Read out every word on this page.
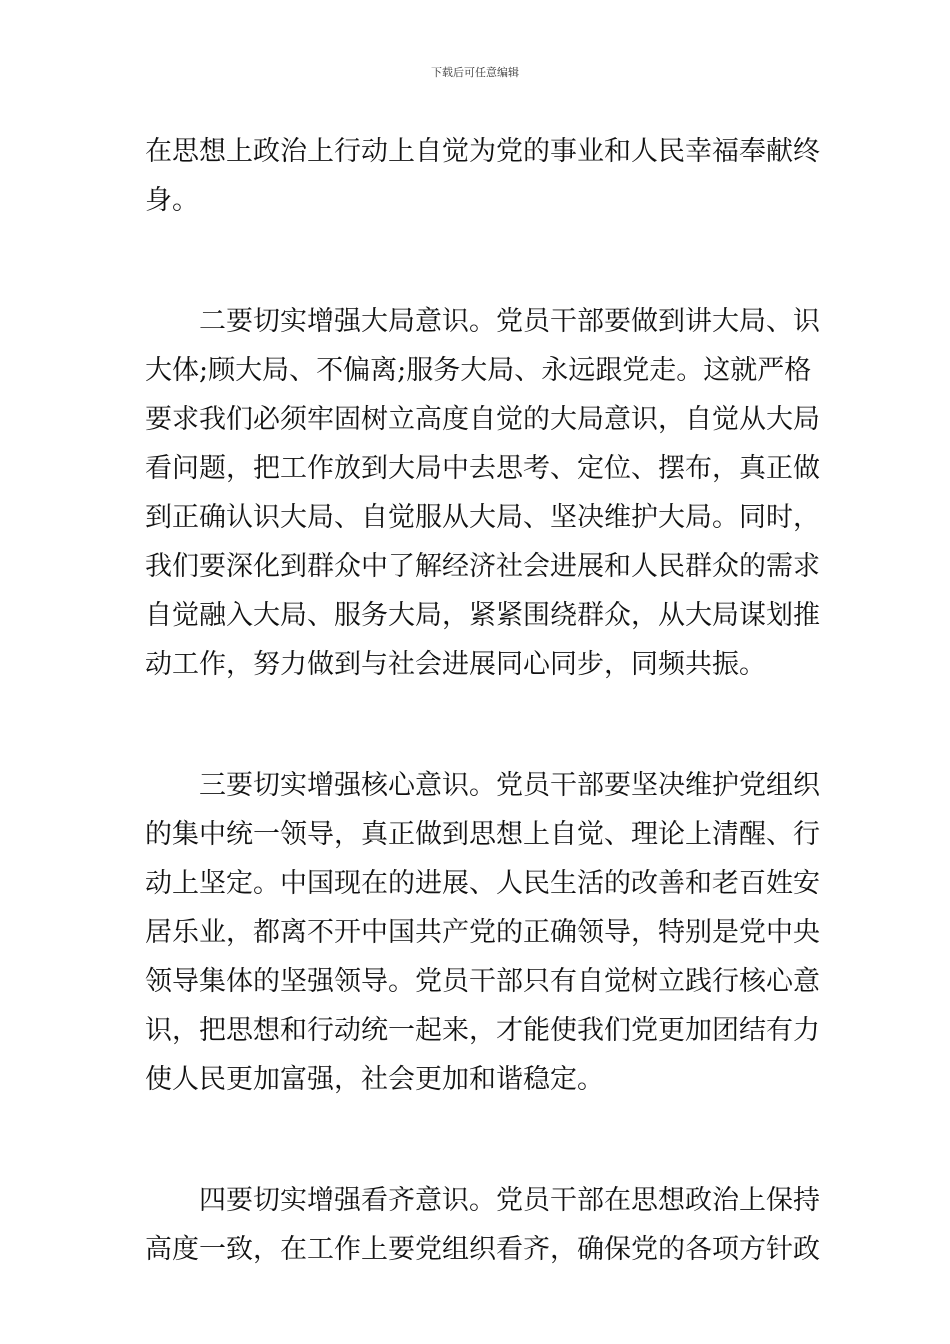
下载后可任意编辑
在思想上政治上行动上自觉为党的事业和人民幸福奉献终
身。
二要切实增强大局意识。党员干部要做到讲大局、识
大体;顾大局、不偏离;服务大局、永远跟党走。这就严格
要求我们必须牢固树立高度自觉的大局意识，自觉从大局
看问题，把工作放到大局中去思考、定位、摆布，真正做
到正确认识大局、自觉服从大局、坚决维护大局。同时，
我们要深化到群众中了解经济社会进展和人民群众的需求
自觉融入大局、服务大局，紧紧围绕群众，从大局谋划推
动工作，努力做到与社会进展同心同步，同频共振。
三要切实增强核心意识。党员干部要坚决维护党组织
的集中统一领导，真正做到思想上自觉、理论上清醒、行
动上坚定。中国现在的进展、人民生活的改善和老百姓安
居乐业，都离不开中国共产党的正确领导，特别是党中央
领导集体的坚强领导。党员干部只有自觉树立践行核心意
识，把思想和行动统一起来，才能使我们党更加团结有力
使人民更加富强，社会更加和谐稳定。
四要切实增强看齐意识。党员干部在思想政治上保持
高度一致，在工作上要党组织看齐，确保党的各项方针政
